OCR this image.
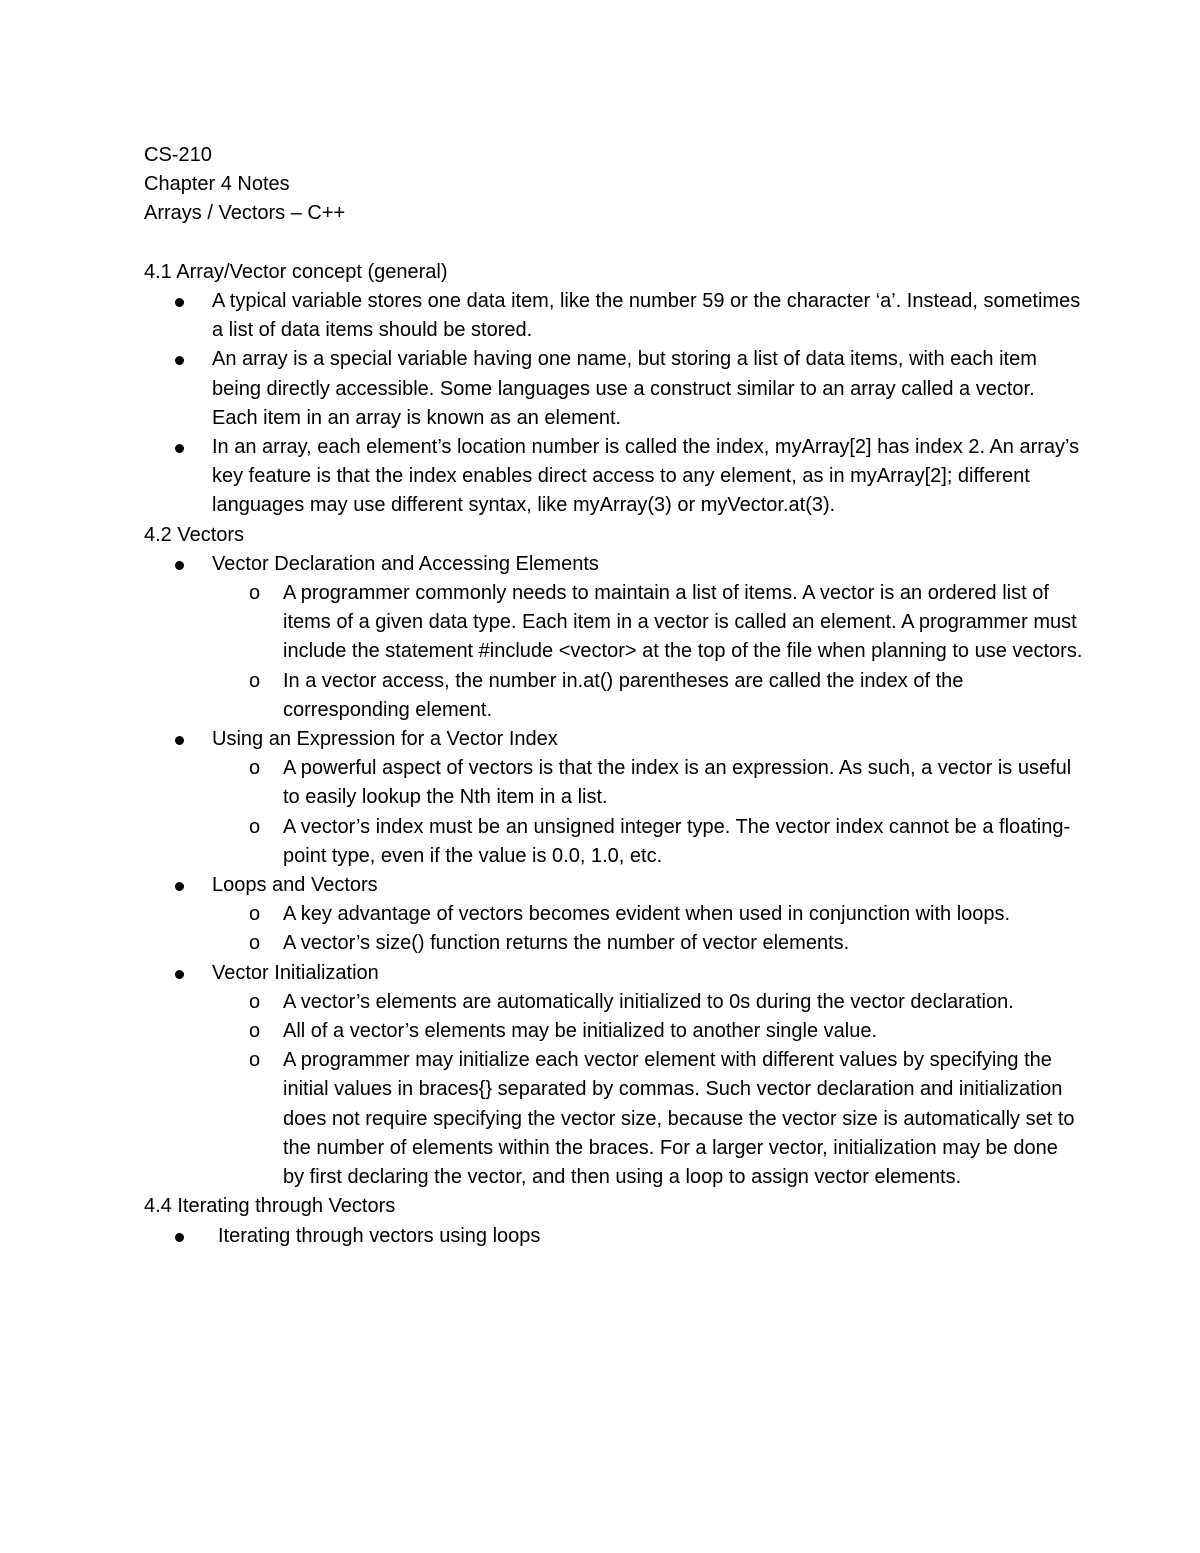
CS-210
Chapter 4 Notes
Arrays / Vectors – C++
4.1 Array/Vector concept (general)
A typical variable stores one data item, like the number 59 or the character ‘a’. Instead, sometimes a list of data items should be stored.
An array is a special variable having one name, but storing a list of data items, with each item being directly accessible. Some languages use a construct similar to an array called a vector. Each item in an array is known as an element.
In an array, each element’s location number is called the index, myArray[2] has index 2. An array’s key feature is that the index enables direct access to any element, as in myArray[2]; different languages may use different syntax, like myArray(3) or myVector.at(3).
4.2 Vectors
Vector Declaration and Accessing Elements
o A programmer commonly needs to maintain a list of items. A vector is an ordered list of items of a given data type. Each item in a vector is called an element. A programmer must include the statement #include <vector> at the top of the file when planning to use vectors.
o In a vector access, the number in.at() parentheses are called the index of the corresponding element.
Using an Expression for a Vector Index
o A powerful aspect of vectors is that the index is an expression. As such, a vector is useful to easily lookup the Nth item in a list.
o A vector’s index must be an unsigned integer type. The vector index cannot be a floating-point type, even if the value is 0.0, 1.0, etc.
Loops and Vectors
o A key advantage of vectors becomes evident when used in conjunction with loops.
o A vector’s size() function returns the number of vector elements.
Vector Initialization
o A vector’s elements are automatically initialized to 0s during the vector declaration.
o All of a vector’s elements may be initialized to another single value.
o A programmer may initialize each vector element with different values by specifying the initial values in braces{} separated by commas. Such vector declaration and initialization does not require specifying the vector size, because the vector size is automatically set to the number of elements within the braces. For a larger vector, initialization may be done by first declaring the vector, and then using a loop to assign vector elements.
4.4 Iterating through Vectors
Iterating through vectors using loops
